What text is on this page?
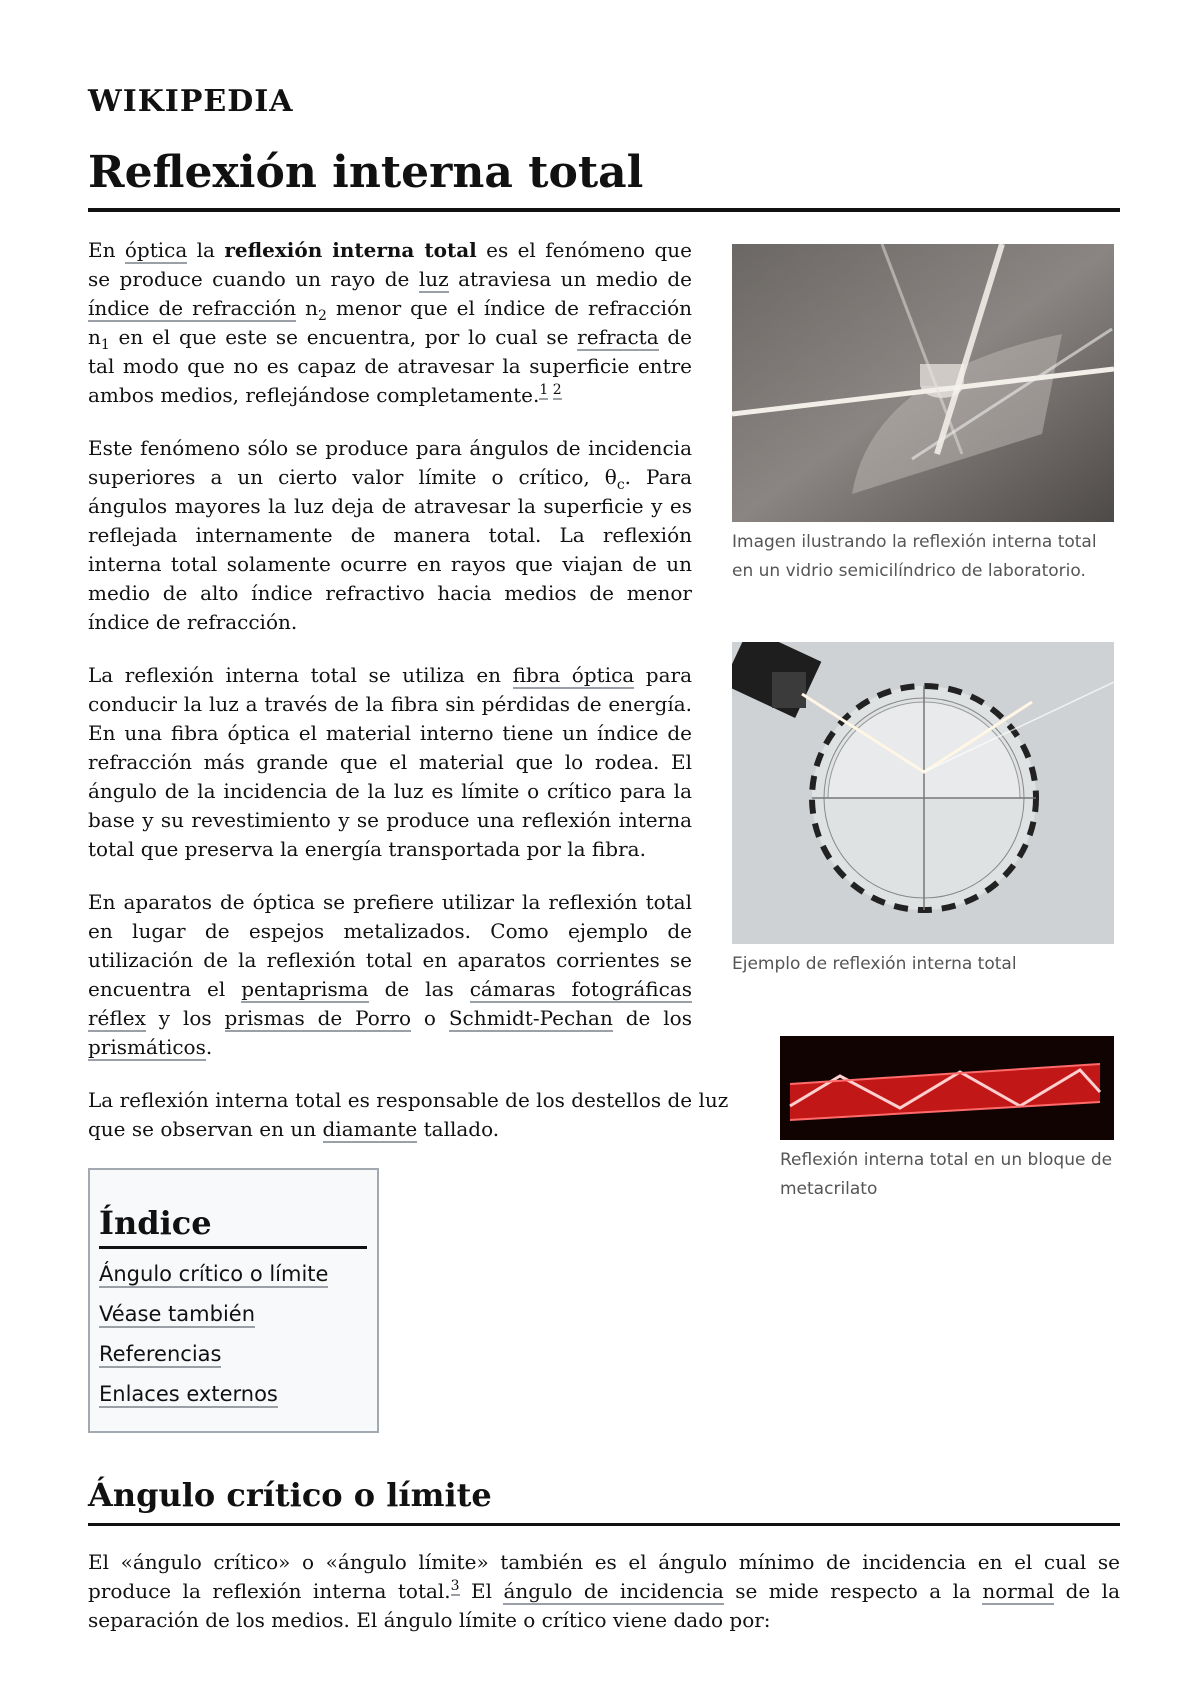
WIKIPEDIA
Reflexión interna total
Imagen ilustrando la reflexión interna total en un vidrio semicilíndrico de laboratorio.
Ejemplo de reflexión interna total
Reflexión interna total en un bloque de metacrilato

En óptica la reflexión interna total es el fenómeno que se produce cuando un rayo de luz atraviesa un medio de índice de refracción $n_2$ menor que el índice de refracción $n_1$ en el que este se encuentra, por lo cual se refracta de tal modo que no es capaz de atravesar la superficie entre ambos medios, reflejándose completamente.$^{1 2}$

Este fenómeno sólo se produce para ángulos de incidencia superiores a un cierto valor límite o crítico, $\theta_c$. Para ángulos mayores la luz deja de atravesar la superficie y es reflejada internamente de manera total. La reflexión interna total solamente ocurre en rayos que viajan de un medio de alto índice refractivo hacia medios de menor índice de refracción.

La reflexión interna total se utiliza en fibra óptica para conducir la luz a través de la fibra sin pérdidas de energía. En una fibra óptica el material interno tiene un índice de refracción más grande que el material que lo rodea. El ángulo de la incidencia de la luz es límite o crítico para la base y su revestimiento y se produce una reflexión interna total que preserva la energía transportada por la fibra.

En aparatos de óptica se prefiere utilizar la reflexión total en lugar de espejos metalizados. Como ejemplo de utilización de la reflexión total en aparatos corrientes se encuentra el pentaprisma de las cámaras fotográficas réflex y los prismas de Porro o Schmidt-Pechan de los prismáticos.

La reflexión interna total es responsable de los destellos de luz que se observan en un diamante tallado.

Índice
Ángulo crítico o límite
Véase también
Referencias
Enlaces externos
Ángulo crítico o límite

El «ángulo crítico» o «ángulo límite» también es el ángulo mínimo de incidencia en el cual se produce la reflexión interna total.$^3$ El ángulo de incidencia se mide respecto a la normal de la separación de los medios. El ángulo límite o crítico viene dado por:
